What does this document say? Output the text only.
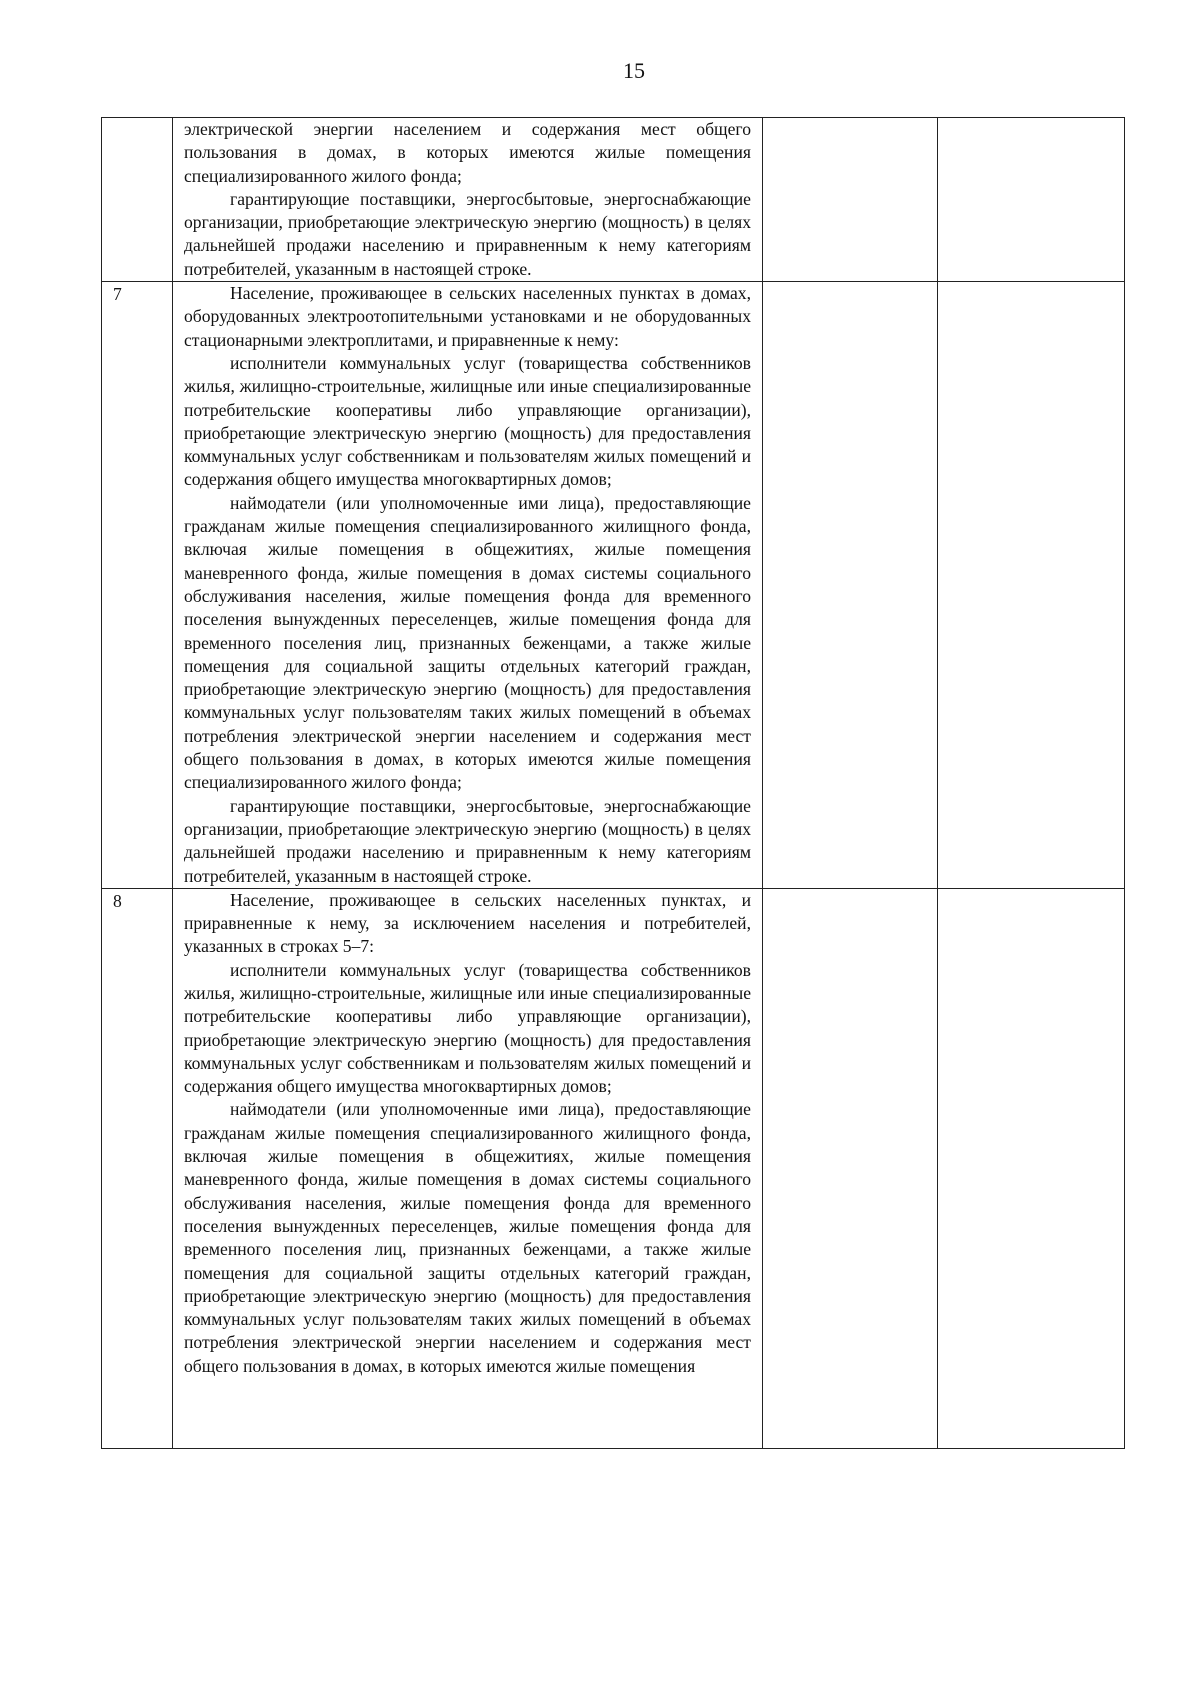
15

	электрической энергии населением и содержания мест общего пользования в домах, в которых имеются жилые помещения специализированного жилого фонда;

гарантирующие поставщики, энергосбытовые, энергоснабжающие организации, приобретающие электрическую энергию (мощность) в целях дальнейшей продажи населению и приравненным к нему категориям потребителей, указанным в настоящей строке.		

7	Население, проживающее в сельских населенных пунктах в домах, оборудованных электроотопительными установками и не оборудованных стационарными электроплитами, и приравненные к нему:

исполнители коммунальных услуг (товарищества собственников жилья, жилищно-строительные, жилищные или иные специализированные потребительские кооперативы либо управляющие организации), приобретающие электрическую энергию (мощность) для предоставления коммунальных услуг собственникам и пользователям жилых помещений и содержания общего имущества многоквартирных домов;

наймодатели (или уполномоченные ими лица), предоставляющие гражданам жилые помещения специализированного жилищного фонда, включая жилые помещения в общежитиях, жилые помещения маневренного фонда, жилые помещения в домах системы социального обслуживания населения, жилые помещения фонда для временного поселения вынужденных переселенцев, жилые помещения фонда для временного поселения лиц, признанных беженцами, а также жилые помещения для социальной защиты отдельных категорий граждан, приобретающие электрическую энергию (мощность) для предоставления коммунальных услуг пользователям таких жилых помещений в объемах потребления электрической энергии населением и содержания мест общего пользования в домах, в которых имеются жилые помещения специализированного жилого фонда;

гарантирующие поставщики, энергосбытовые, энергоснабжающие организации, приобретающие электрическую энергию (мощность) в целях дальнейшей продажи населению и приравненным к нему категориям потребителей, указанным в настоящей строке.		

8	Население, проживающее в сельских населенных пунктах, и приравненные к нему, за исключением населения и потребителей, указанных в строках 5–7:

исполнители коммунальных услуг (товарищества собственников жилья, жилищно-строительные, жилищные или иные специализированные потребительские кооперативы либо управляющие организации), приобретающие электрическую энергию (мощность) для предоставления коммунальных услуг собственникам и пользователям жилых помещений и содержания общего имущества многоквартирных домов;

наймодатели (или уполномоченные ими лица), предоставляющие гражданам жилые помещения специализированного жилищного фонда, включая жилые помещения в общежитиях, жилые помещения маневренного фонда, жилые помещения в домах системы социального обслуживания населения, жилые помещения фонда для временного поселения вынужденных переселенцев, жилые помещения фонда для временного поселения лиц, признанных беженцами, а также жилые помещения для социальной защиты отдельных категорий граждан, приобретающие электрическую энергию (мощность) для предоставления коммунальных услуг пользователям таких жилых помещений в объемах потребления электрической энергии населением и содержания мест общего пользования в домах, в которых имеются жилые помещения		
